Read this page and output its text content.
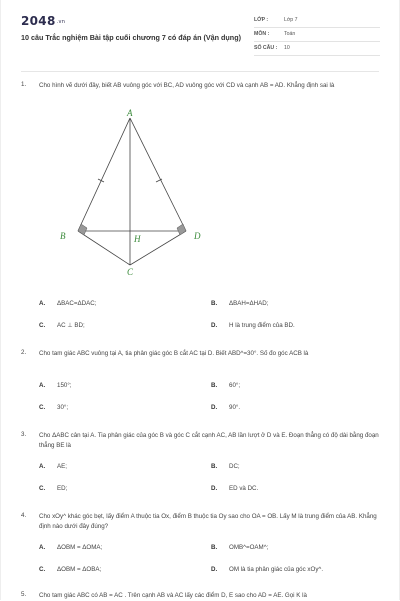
2048.vn
10 câu Trắc nghiệm Bài tập cuối chương 7 có đáp án (Vận dụng)
LỚP :	Lớp 7
MÔN :	Toán
SỐ CÂU : 10
1. Cho hình vẽ dưới đây, biết AB vuông góc với BC, AD vuông góc với CD và cạnh AB = AD. Khẳng định sai là
A
B	D
H
C
A. ΔBAC=ΔDAC;	B. ΔBAH=ΔHAD;
C. AC ⊥ BD;	D. H là trung điểm của BD.
2. Cho tam giác ABC vuông tại A, tia phân giác góc B cắt AC tại D. Biết ABD^=30°. Số đo góc ACB là
A. 150°;	B. 60°;
C. 30°;	D. 90°.
3. Cho ΔABC cân tại A. Tia phân giác của góc B và góc C cắt cạnh AC, AB lần lượt ở D và E. Đoạn thẳng có độ dài bằng đoạn thẳng BE là
A. AE;	B. DC;
C. ED;	D. ED và DC.
4. Cho xOy^ khác góc bẹt, lấy điểm A thuộc tia Ox, điểm B thuộc tia Oy sao cho OA = OB. Lấy M là trung điểm của AB. Khẳng định nào dưới đây đúng?
A. ΔOBM = ΔOMA;	B. OMB^=OAM^;
C. ΔOBM = ΔOBA;	D. OM là tia phân giác của góc xOy^.
5. Cho tam giác ABC có AB = AC . Trên cạnh AB và AC lấy các điểm D, E sao cho AD = AE. Gọi K là
